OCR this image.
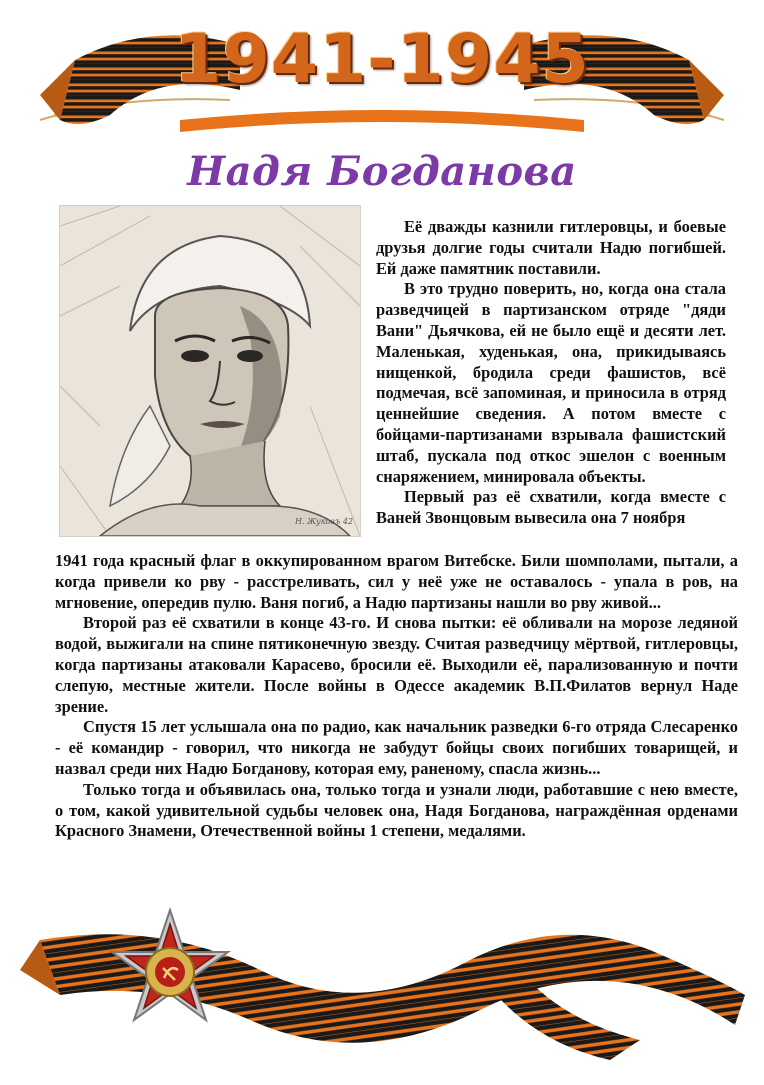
1941-1945
Надя Богданова
Н. Жуковъ 42

Её дважды казнили гитлеровцы, и боевые друзья долгие годы считали Надю погибшей. Ей даже памятник поставили.

В это трудно поверить, но, когда она стала разведчицей в партизанском отряде "дяди Вани" Дьячкова, ей не было ещё и десяти лет. Маленькая, худенькая, она, прикидываясь нищенкой, бродила среди фашистов, всё подмечая, всё запоминая, и приносила в отряд ценнейшие сведения. А потом вместе с бойцами-партизанами взрывала фашистский штаб, пускала под откос эшелон с военным снаряжением, минировала объекты.

Первый раз её схватили, когда вместе с Ваней Звонцовым вывесила она 7 ноября

1941 года красный флаг в оккупированном врагом Витебске. Били шомполами, пытали, а когда привели ко рву - расстреливать, сил у неё уже не оставалось - упала в ров, на мгновение, опередив пулю. Ваня погиб, а Надю партизаны нашли во рву живой...

Второй раз её схватили в конце 43-го. И снова пытки: её обливали на морозе ледяной водой, выжигали на спине пятиконечную звезду. Считая разведчицу мёртвой, гитлеровцы, когда партизаны атаковали Карасево, бросили её. Выходили её, парализованную и почти слепую, местные жители. После войны в Одессе академик В.П.Филатов вернул Наде зрение.

Спустя 15 лет услышала она по радио, как начальник разведки 6-го отряда Слесаренко - её командир - говорил, что никогда не забудут бойцы своих погибших товарищей, и назвал среди них Надю Богданову, которая ему, раненому, спасла жизнь...

Только тогда и объявилась она, только тогда и узнали люди, работавшие с нею вместе, о том, какой удивительной судьбы человек она, Надя Богданова, награждённая орденами Красного Знамени, Отечественной войны 1 степени, медалями.
